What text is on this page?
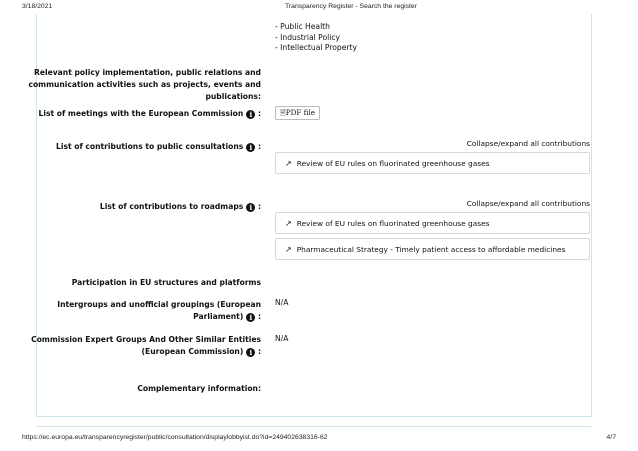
3/18/2021	Transparency Register - Search the register
- Public Health
- Industrial Policy
- Intellectual Property
Relevant policy implementation, public relations and
communication activities such as projects, events and
publications:
List of meetings with the European Commission i :	🗎PDF file
List of contributions to public consultations i :	Collapse/expand all contributions
↗ Review of EU rules on fluorinated greenhouse gases
List of contributions to roadmaps i :	Collapse/expand all contributions
↗ Review of EU rules on fluorinated greenhouse gases
↗ Pharmaceutical Strategy - Timely patient access to affordable medicines
Participation in EU structures and platforms
Intergroups and unofficial groupings (European
Parliament) i :
N/A
Commission Expert Groups And Other Similar Entities
(European Commission) i :
N/A
Complementary information:
https://ec.europa.eu/transparencyregister/public/consultation/displaylobbyist.do?id=249402638316-62	4/7
